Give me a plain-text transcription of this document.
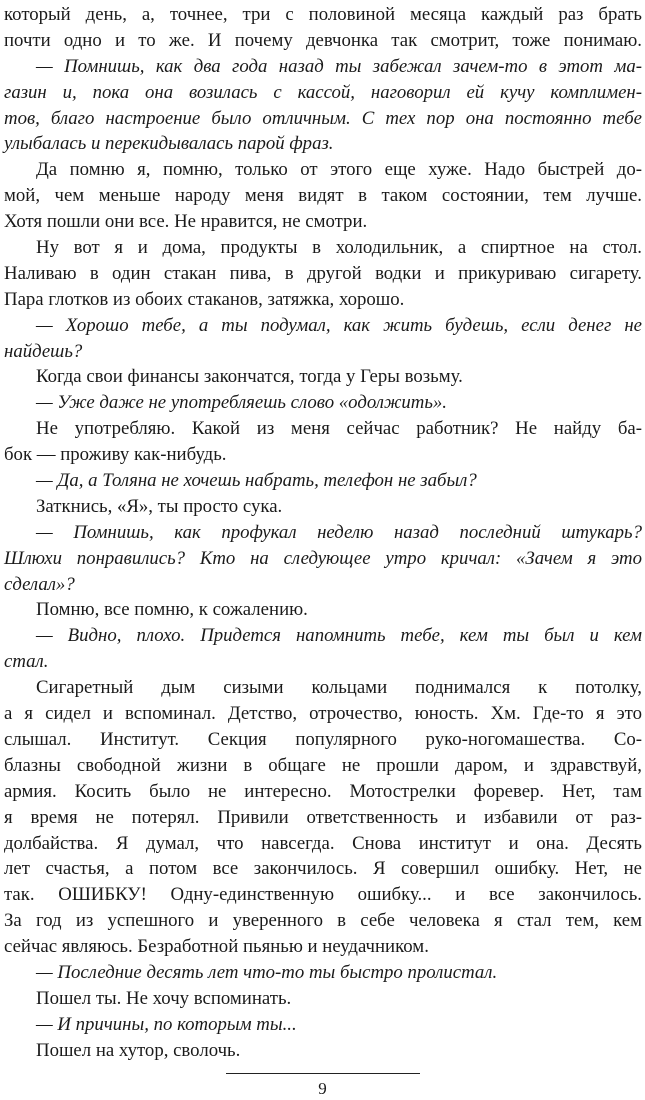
который день, а, точнее, три с половиной месяца каждый раз брать
почти одно и то же. И почему девчонка так смотрит, тоже понимаю.
— Помнишь, как два года назад ты забежал зачем-то в этот ма-
газин и, пока она возилась с кассой, наговорил ей кучу комплимен-
тов, благо настроение было отличным. С тех пор она постоянно тебе
улыбалась и перекидывалась парой фраз.
Да помню я, помню, только от этого еще хуже. Надо быстрей до-
мой, чем меньше народу меня видят в таком состоянии, тем лучше.
Хотя пошли они все. Не нравится, не смотри.
Ну вот я и дома, продукты в холодильник, а спиртное на стол.
Наливаю в один стакан пива, в другой водки и прикуриваю сигарету.
Пара глотков из обоих стаканов, затяжка, хорошо.
— Хорошо тебе, а ты подумал, как жить будешь, если денег не
найдешь?
Когда свои финансы закончатся, тогда у Геры возьму.
— Уже даже не употребляешь слово «одолжить».
Не употребляю. Какой из меня сейчас работник? Не найду ба-
бок — проживу как-нибудь.
— Да, а Толяна не хочешь набрать, телефон не забыл?
Заткнись, «Я», ты просто сука.
— Помнишь, как профукал неделю назад последний штукарь?
Шлюхи понравились? Кто на следующее утро кричал: «Зачем я это
сделал»?
Помню, все помню, к сожалению.
— Видно, плохо. Придется напомнить тебе, кем ты был и кем
стал.
Сигаретный дым сизыми кольцами поднимался к потолку,
а я сидел и вспоминал. Детство, отрочество, юность. Хм. Где-то я это
слышал. Институт. Секция популярного руко-ногомашества. Со-
блазны свободной жизни в общаге не прошли даром, и здравствуй,
армия. Косить было не интересно. Мотострелки форевер. Нет, там
я время не потерял. Привили ответственность и избавили от раз-
долбайства. Я думал, что навсегда. Снова институт и она. Десять
лет счастья, а потом все закончилось. Я совершил ошибку. Нет, не
так. ОШИБКУ! Одну-единственную ошибку... и все закончилось.
За год из успешного и уверенного в себе человека я стал тем, кем
сейчас являюсь. Безработной пьянью и неудачником.
— Последние десять лет что-то ты быстро пролистал.
Пошел ты. Не хочу вспоминать.
— И причины, по которым ты...
Пошел на хутор, сволочь.
9
